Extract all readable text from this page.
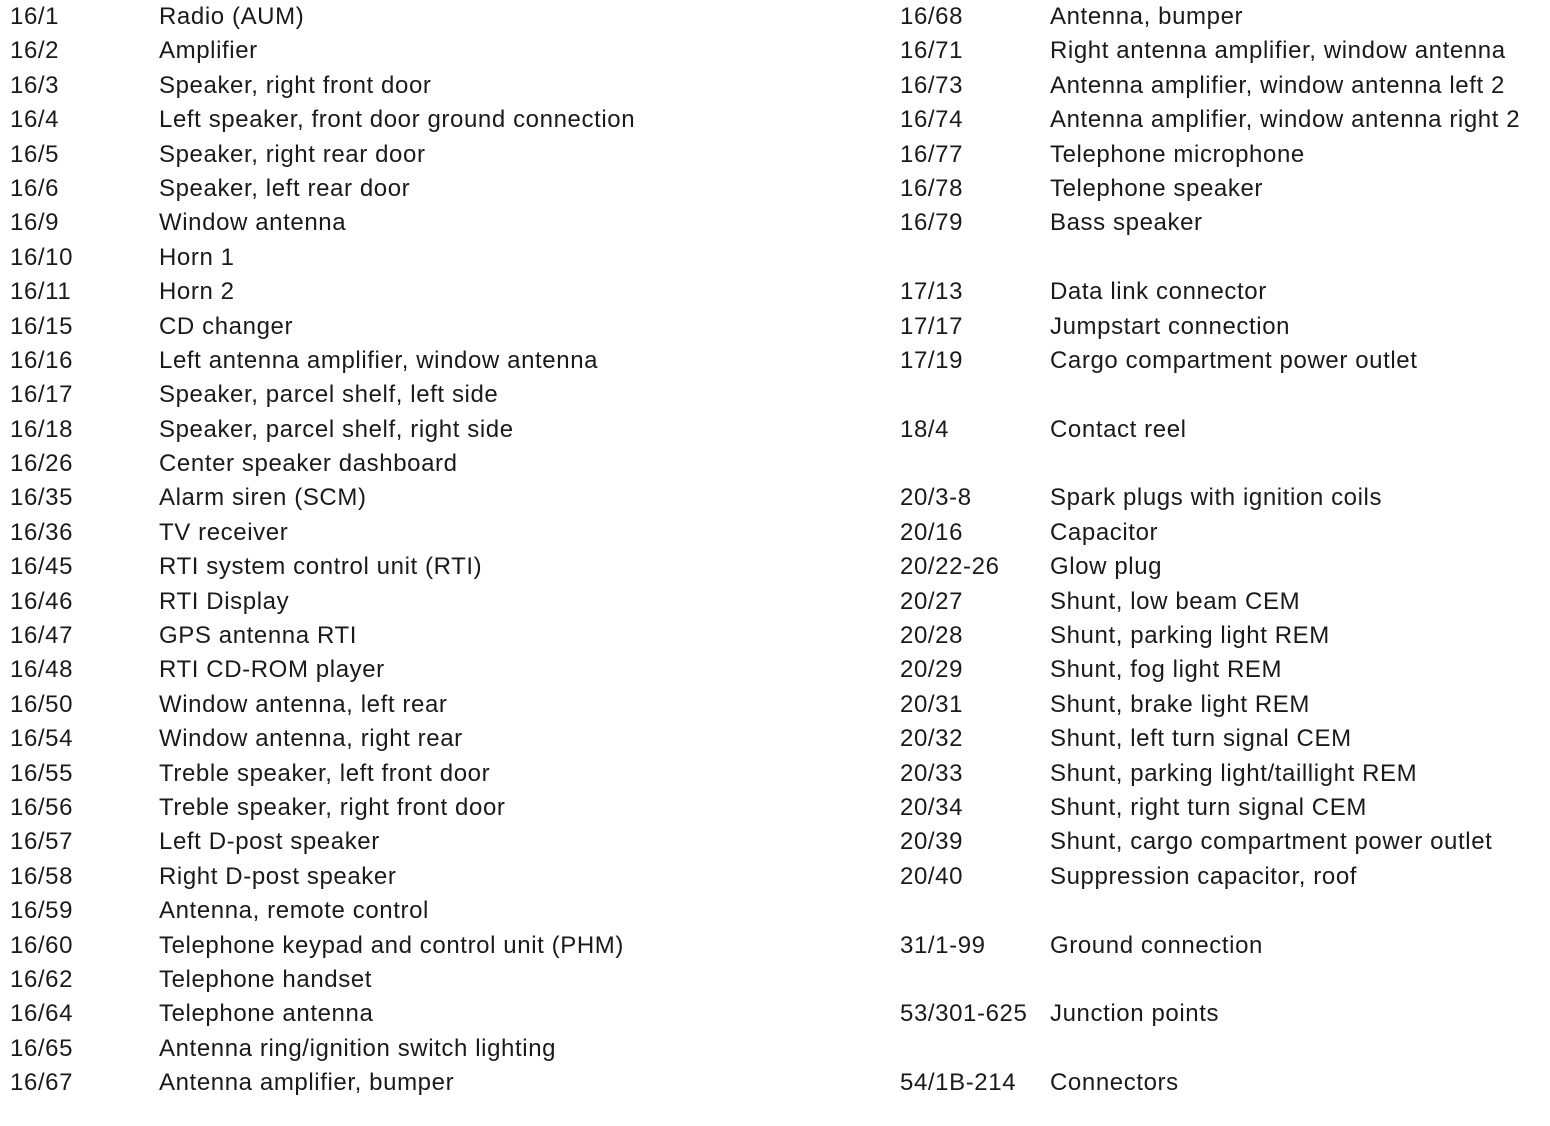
16/1	Radio (AUM)
16/2	Amplifier
16/3	Speaker, right front door
16/4	Left speaker, front door ground connection
16/5	Speaker, right rear door
16/6	Speaker, left rear door
16/9	Window antenna
16/10	Horn 1
16/11	Horn 2
16/15	CD changer
16/16	Left antenna amplifier, window antenna
16/17	Speaker, parcel shelf, left side
16/18	Speaker, parcel shelf, right side
16/26	Center speaker dashboard
16/35	Alarm siren (SCM)
16/36	TV receiver
16/45	RTI system control unit (RTI)
16/46	RTI Display
16/47	GPS antenna RTI
16/48	RTI CD-ROM player
16/50	Window antenna, left rear
16/54	Window antenna, right rear
16/55	Treble speaker, left front door
16/56	Treble speaker, right front door
16/57	Left D-post speaker
16/58	Right D-post speaker
16/59	Antenna, remote control
16/60	Telephone keypad and control unit (PHM)
16/62	Telephone handset
16/64	Telephone antenna
16/65	Antenna ring/ignition switch lighting
16/67	Antenna amplifier, bumper
16/68	Antenna, bumper
16/71	Right antenna amplifier, window antenna
16/73	Antenna amplifier, window antenna left 2
16/74	Antenna amplifier, window antenna right 2
16/77	Telephone microphone
16/78	Telephone speaker
16/79	Bass speaker
17/13	Data link connector
17/17	Jumpstart connection
17/19	Cargo compartment power outlet
18/4	Contact reel
20/3-8	Spark plugs with ignition coils
20/16	Capacitor
20/22-26 Glow plug
20/27	Shunt, low beam CEM
20/28	Shunt, parking light REM
20/29	Shunt, fog light REM
20/31	Shunt, brake light REM
20/32	Shunt, left turn signal CEM
20/33	Shunt, parking light/taillight REM
20/34	Shunt, right turn signal CEM
20/39	Shunt, cargo compartment power outlet
20/40	Suppression capacitor, roof
31/1-99	Ground connection
53/301-625 Junction points
54/1B-214 Connectors
